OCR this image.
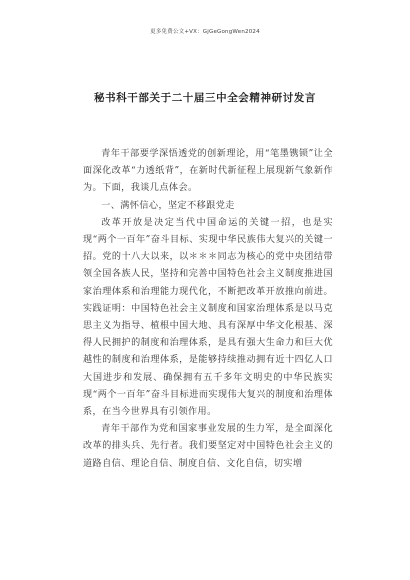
更多免费公文+VX：GjGeGongWen2024
秘书科干部关于二十届三中全会精神研讨发言

青年干部要学深悟透党的创新理论，用“笔墨镌锁”让全面深化改革“力透纸背”，在新时代新征程上展现新气象新作为。下面，我谈几点体会。

一、满怀信心，坚定不移跟党走

改革开放是决定当代中国命运的关键一招，也是实现“两个一百年”奋斗目标、实现中华民族伟大复兴的关键一招。党的十八大以来，以＊＊＊同志为核心的党中央团结带领全国各族人民，坚持和完善中国特色社会主义制度推进国家治理体系和治理能力现代化，不断把改革开放推向前进。实践证明：中国特色社会主义制度和国家治理体系是以马克思主义为指导、植根中国大地、具有深厚中华文化根基、深得人民拥护的制度和治理体系，是具有强大生命力和巨大优越性的制度和治理体系，是能够持续推动拥有近十四亿人口大国进步和发展、确保拥有五千多年文明史的中华民族实现“两个一百年”奋斗目标进而实现伟大复兴的制度和治理体系，在当今世界具有引领作用。

青年干部作为党和国家事业发展的生力军，是全面深化改革的排头兵、先行者。我们要坚定对中国特色社会主义的道路自信、理论自信、制度自信、文化自信，切实增
